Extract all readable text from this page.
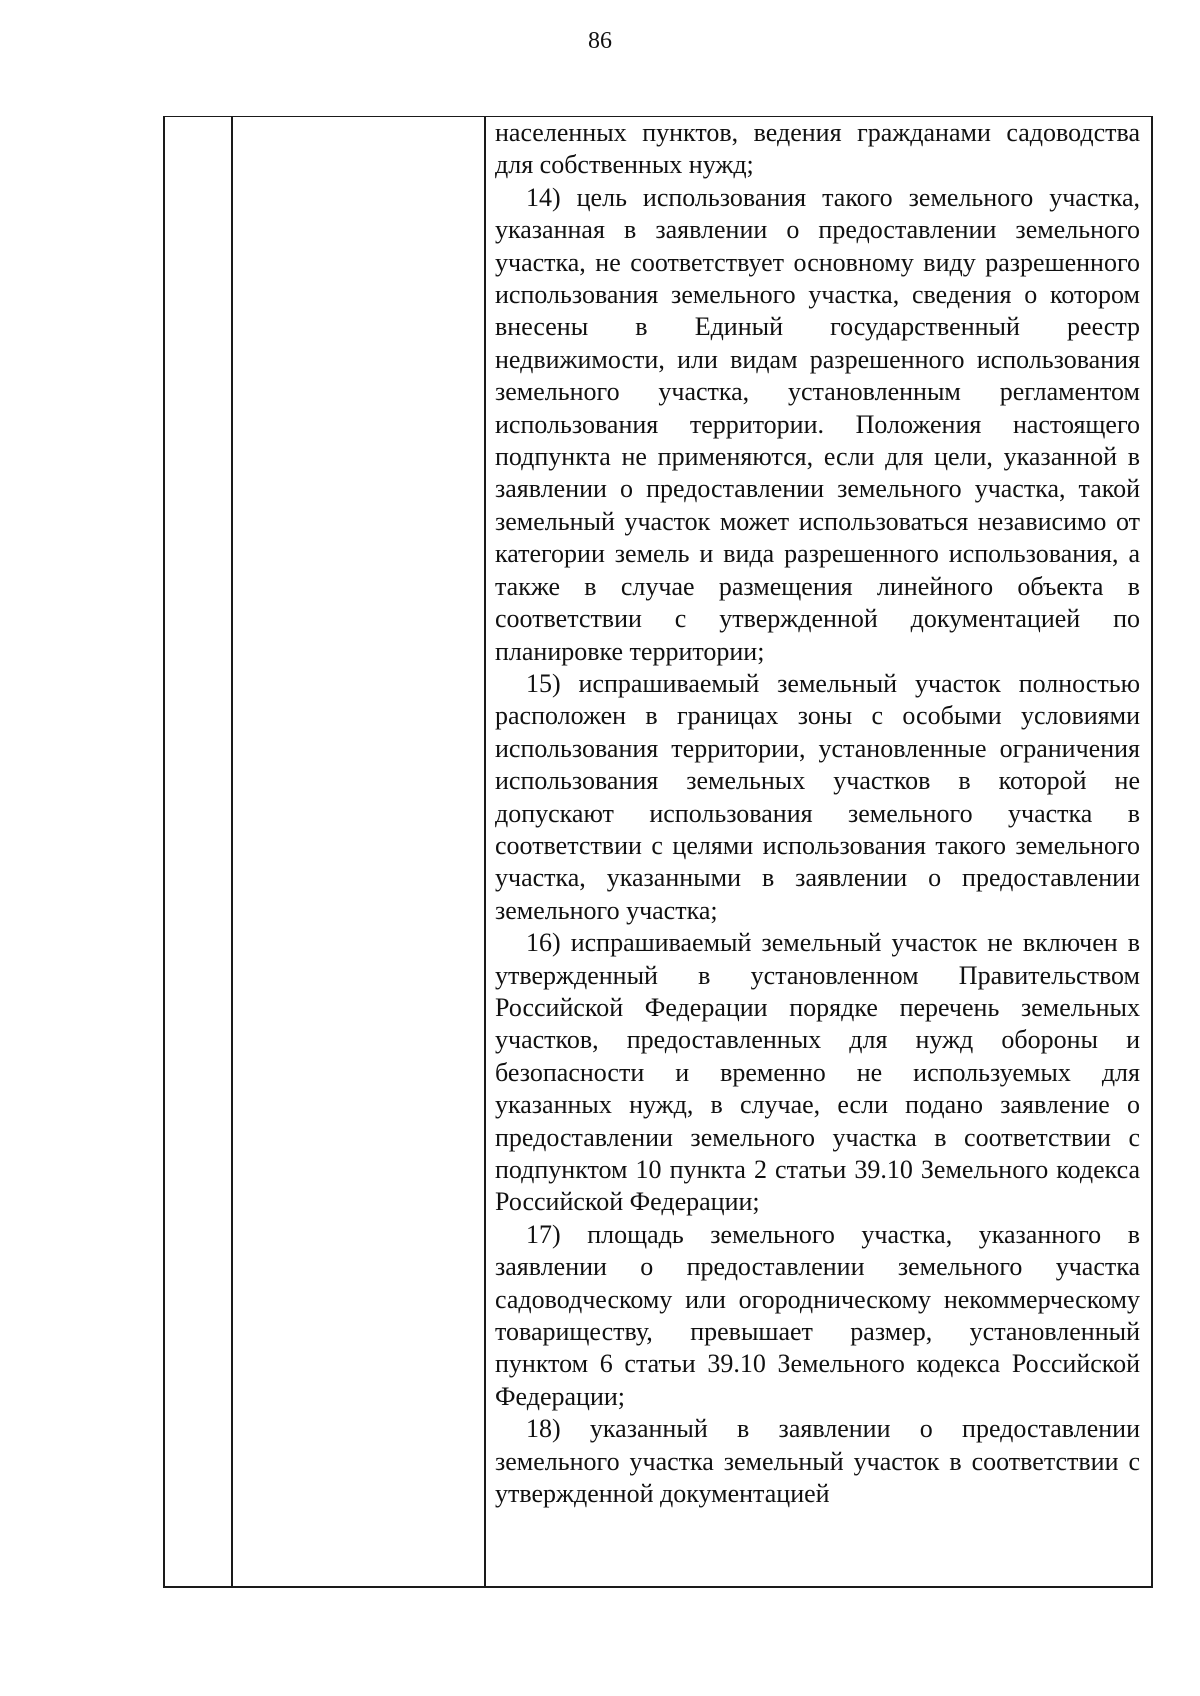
86

населенных пунктов, ведения гражданами садоводства для собственных нужд;

14) цель использования такого земельного участка, указанная в заявлении о предоставлении земельного участка, не соответствует основному виду разрешенного использования земельного участка, сведения о котором внесены в Единый государственный реестр недвижимости, или видам разрешенного использования земельного участка, установленным регламентом использования территории. Положения настоящего подпункта не применяются, если для цели, указанной в заявлении о предоставлении земельного участка, такой земельный участок может использоваться независимо от категории земель и вида разрешенного использования, а также в случае размещения линейного объекта в соответствии с утвержденной документацией по планировке территории;

15) испрашиваемый земельный участок полностью расположен в границах зоны с особыми условиями использования территории, установленные ограничения использования земельных участков в которой не допускают использования земельного участка в соответствии с целями использования такого земельного участка, указанными в заявлении о предоставлении земельного участка;

16) испрашиваемый земельный участок не включен в утвержденный в установленном Правительством Российской Федерации порядке перечень земельных участков, предоставленных для нужд обороны и безопасности и временно не используемых для указанных нужд, в случае, если подано заявление о предоставлении земельного участка в соответствии с подпунктом 10 пункта 2 статьи 39.10 Земельного кодекса Российской Федерации;

17) площадь земельного участка, указанного в заявлении о предоставлении земельного участка садоводческому или огородническому некоммерческому товариществу, превышает размер, установленный пунктом 6 статьи 39.10 Земельного кодекса Российской Федерации;

18) указанный в заявлении о предоставлении земельного участка земельный участок в соответствии с утвержденной документацией
